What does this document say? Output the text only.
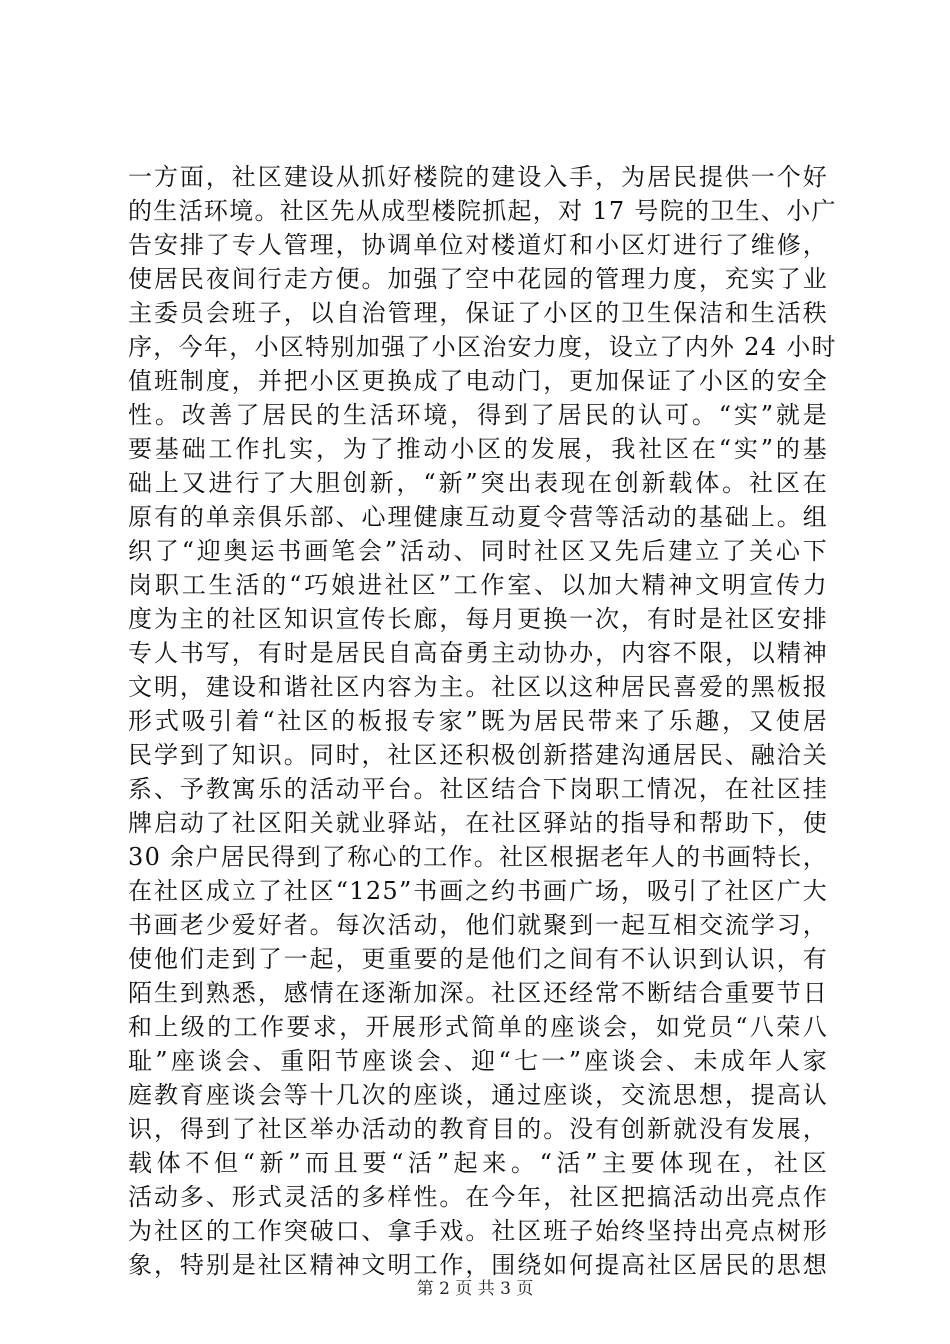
一方面，社区建设从抓好楼院的建设入手，为居民提供一个好
的生活环境。社区先从成型楼院抓起，对 17 号院的卫生、小广
告安排了专人管理，协调单位对楼道灯和小区灯进行了维修，
使居民夜间行走方便。加强了空中花园的管理力度，充实了业
主委员会班子，以自治管理，保证了小区的卫生保洁和生活秩
序，今年，小区特别加强了小区治安力度，设立了内外 24 小时
值班制度，并把小区更换成了电动门，更加保证了小区的安全
性。改善了居民的生活环境，得到了居民的认可。“实”就是
要基础工作扎实，为了推动小区的发展，我社区在“实”的基
础上又进行了大胆创新，“新”突出表现在创新载体。社区在
原有的单亲俱乐部、心理健康互动夏令营等活动的基础上。组
织了“迎奥运书画笔会”活动、同时社区又先后建立了关心下
岗职工生活的“巧娘进社区”工作室、以加大精神文明宣传力
度为主的社区知识宣传长廊，每月更换一次，有时是社区安排
专人书写，有时是居民自高奋勇主动协办，内容不限，以精神
文明，建设和谐社区内容为主。社区以这种居民喜爱的黑板报
形式吸引着“社区的板报专家”既为居民带来了乐趣，又使居
民学到了知识。同时，社区还积极创新搭建沟通居民、融洽关
系、予教寓乐的活动平台。社区结合下岗职工情况，在社区挂
牌启动了社区阳关就业驿站，在社区驿站的指导和帮助下，使
30 余户居民得到了称心的工作。社区根据老年人的书画特长，
在社区成立了社区“125”书画之约书画广场，吸引了社区广大
书画老少爱好者。每次活动，他们就聚到一起互相交流学习，
使他们走到了一起，更重要的是他们之间有不认识到认识，有
陌生到熟悉，感情在逐渐加深。社区还经常不断结合重要节日
和上级的工作要求，开展形式简单的座谈会，如党员“八荣八
耻”座谈会、重阳节座谈会、迎“七一”座谈会、未成年人家
庭教育座谈会等十几次的座谈，通过座谈，交流思想，提高认
识，得到了社区举办活动的教育目的。没有创新就没有发展，
载体不但“新”而且要“活”起来。“活”主要体现在，社区
活动多、形式灵活的多样性。在今年，社区把搞活动出亮点作
为社区的工作突破口、拿手戏。社区班子始终坚持出亮点树形
象，特别是社区精神文明工作，围绕如何提高社区居民的思想
第 2 页 共 3 页
